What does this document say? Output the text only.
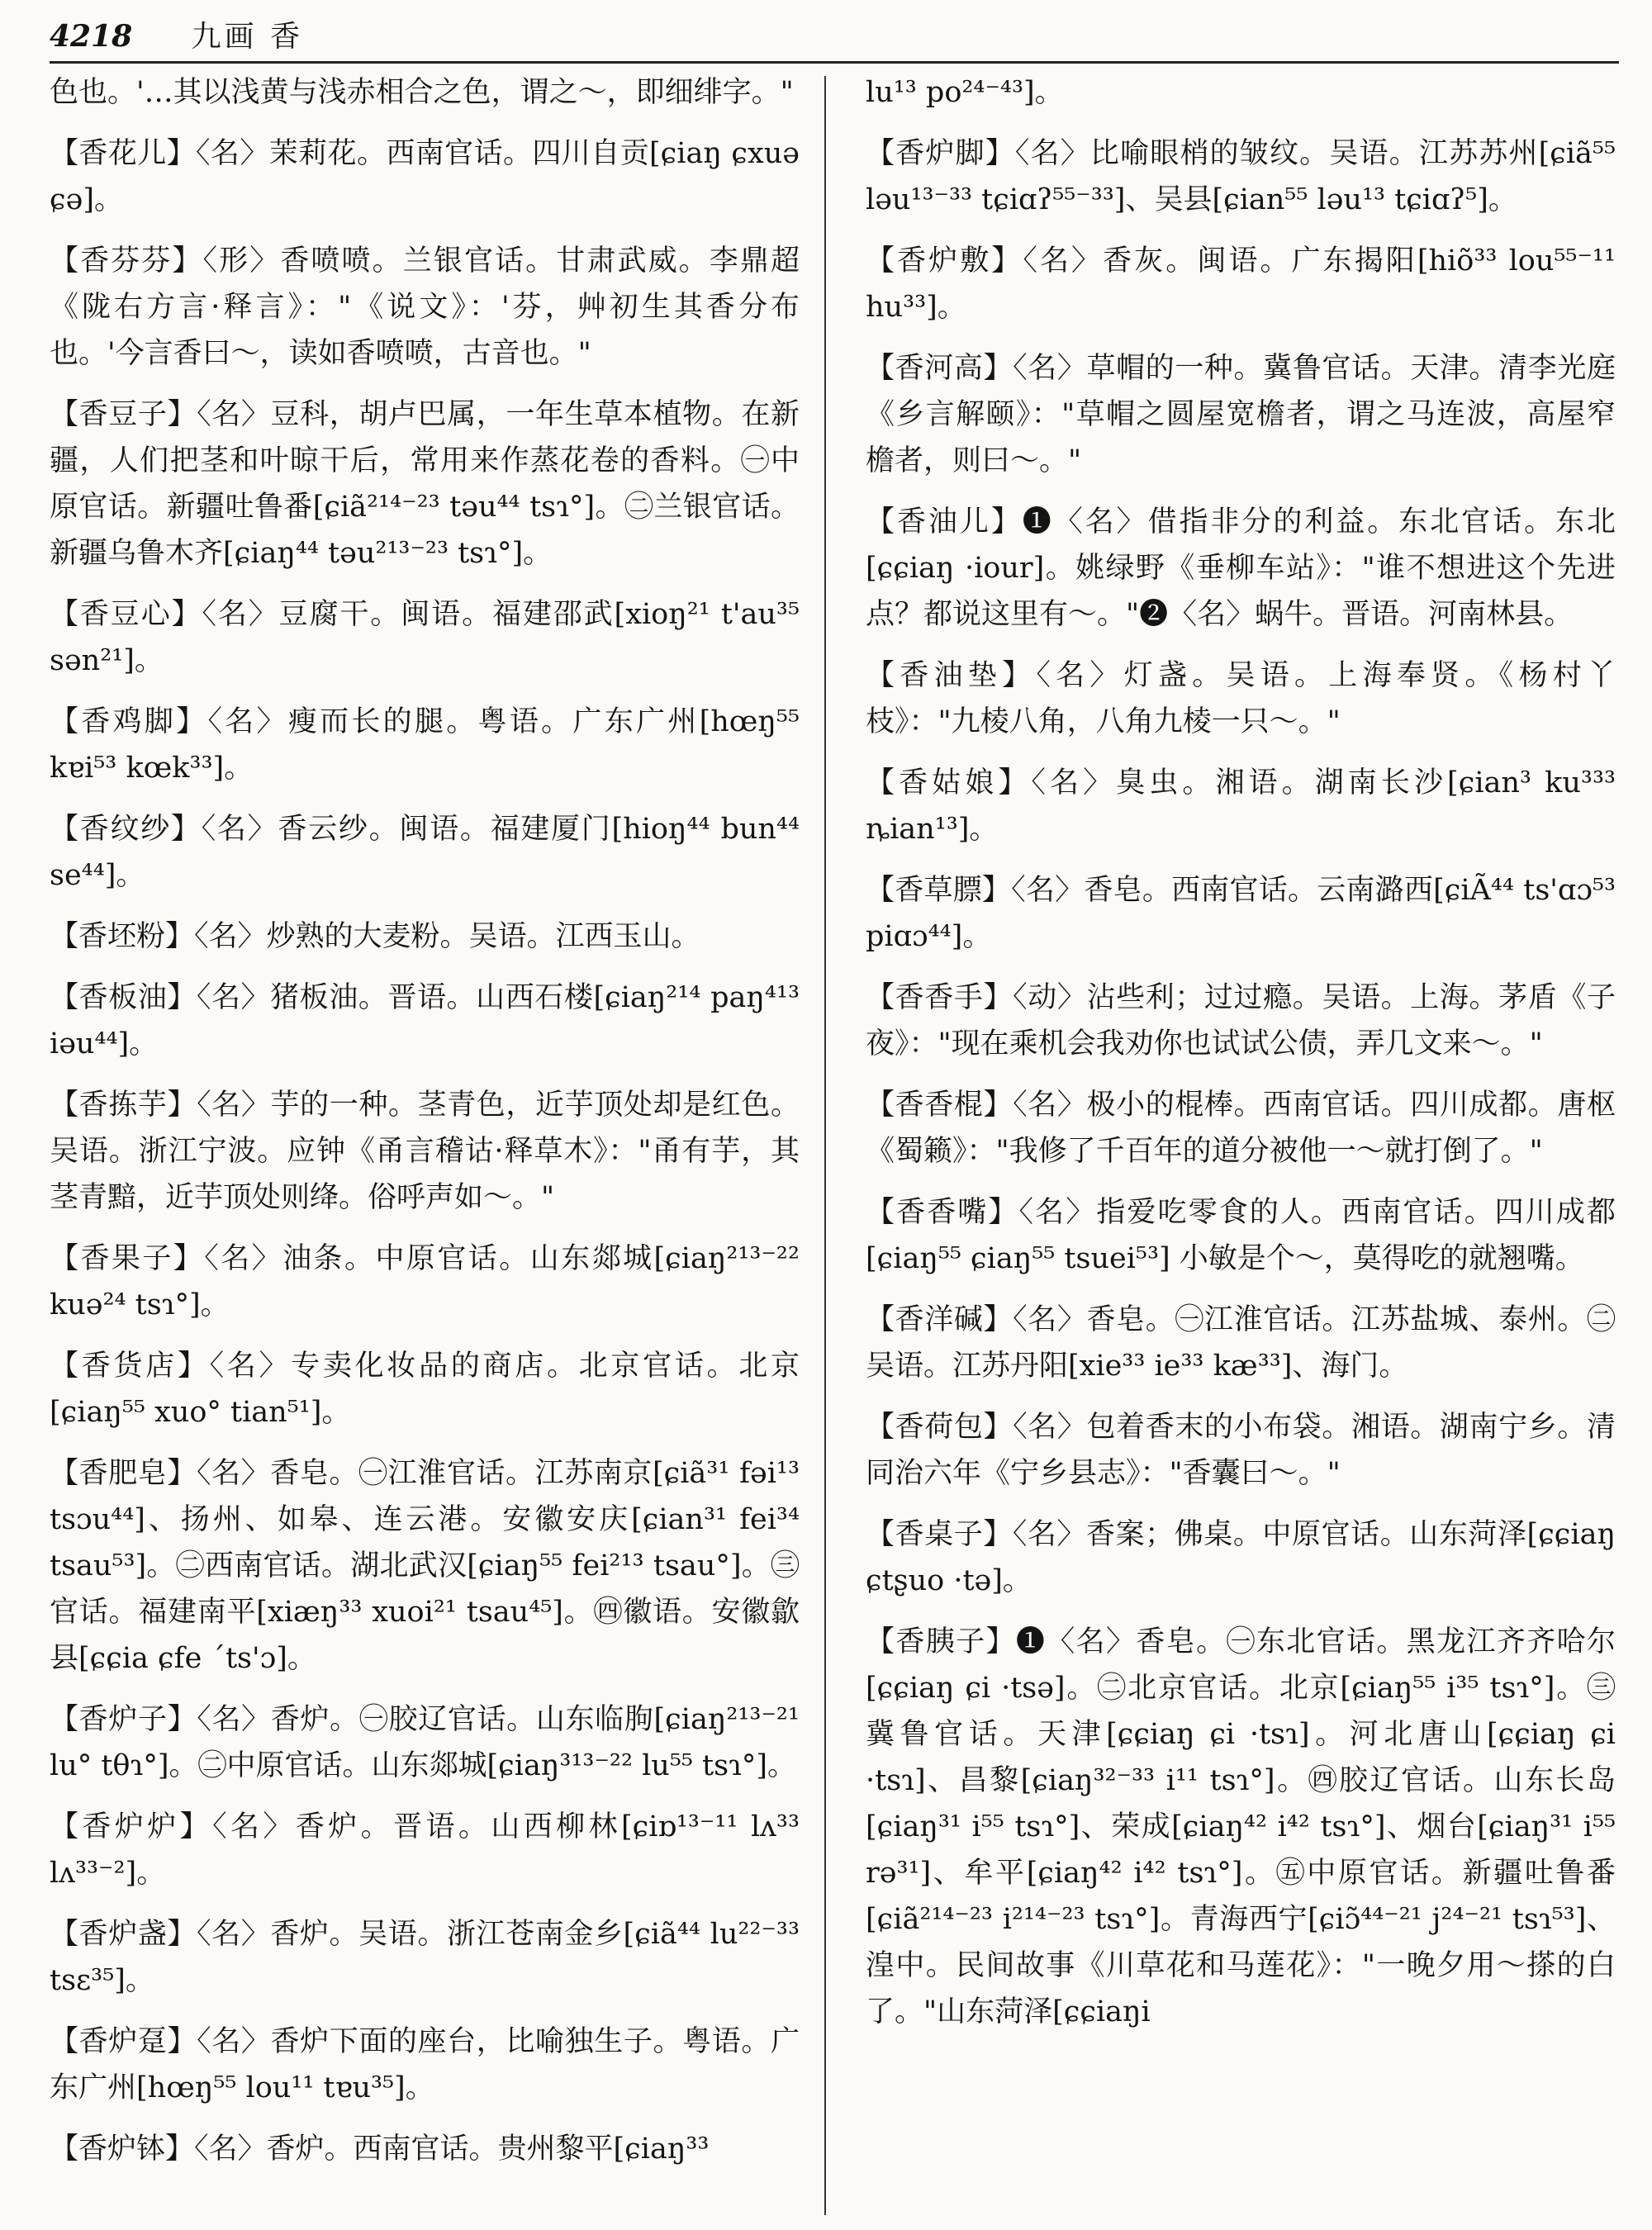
4218 九画 香

色也。'…其以浅黄与浅赤相合之色，谓之～，即细绯字。"

【香花儿】〈名〉茉莉花。西南官话。四川自贡[ɕiaŋ ɕxuə ɕə]。

【香芬芬】〈形〉香喷喷。兰银官话。甘肃武威。李鼎超《陇右方言·释言》："《说文》：'芬，艸初生其香分布也。'今言香曰～，读如香喷喷，古音也。"

【香豆子】〈名〉豆科，胡卢巴属，一年生草本植物。在新疆，人们把茎和叶晾干后，常用来作蒸花卷的香料。㊀中原官话。新疆吐鲁番[ɕiã²¹⁴⁻²³ təu⁴⁴ tsɿ°]。㊁兰银官话。新疆乌鲁木齐[ɕiaŋ⁴⁴ təu²¹³⁻²³ tsɿ°]。

【香豆心】〈名〉豆腐干。闽语。福建邵武[xioŋ²¹ t'au³⁵ sən²¹]。

【香鸡脚】〈名〉瘦而长的腿。粤语。广东广州[hœŋ⁵⁵ kɐi⁵³ kœk³³]。

【香纹纱】〈名〉香云纱。闽语。福建厦门[hioŋ⁴⁴ bun⁴⁴ se⁴⁴]。

【香坯粉】〈名〉炒熟的大麦粉。吴语。江西玉山。

【香板油】〈名〉猪板油。晋语。山西石楼[ɕiaŋ²¹⁴ paŋ⁴¹³ iəu⁴⁴]。

【香拣芋】〈名〉芋的一种。茎青色，近芋顶处却是红色。吴语。浙江宁波。应钟《甬言稽诂·释草木》："甬有芋，其茎青黯，近芋顶处则绛。俗呼声如～。"

【香果子】〈名〉油条。中原官话。山东郯城[ɕiaŋ²¹³⁻²² kuə²⁴ tsɿ°]。

【香货店】〈名〉专卖化妆品的商店。北京官话。北京[ɕiaŋ⁵⁵ xuo° tian⁵¹]。

【香肥皂】〈名〉香皂。㊀江淮官话。江苏南京[ɕiã³¹ fəi¹³ tsɔu⁴⁴]、扬州、如皋、连云港。安徽安庆[ɕian³¹ fei³⁴ tsau⁵³]。㊁西南官话。湖北武汉[ɕiaŋ⁵⁵ fei²¹³ tsau°]。㊂官话。福建南平[xiæŋ³³ xuoi²¹ tsau⁴⁵]。㊃徽语。安徽歙县[ɕɕia ɕfe ˊts'ɔ]。

【香炉子】〈名〉香炉。㊀胶辽官话。山东临朐[ɕiaŋ²¹³⁻²¹ lu° tθɿ°]。㊁中原官话。山东郯城[ɕiaŋ³¹³⁻²² lu⁵⁵ tsɿ°]。

【香炉炉】〈名〉香炉。晋语。山西柳林[ɕiɒ¹³⁻¹¹ lʌ³³ lʌ³³⁻²]。

【香炉盏】〈名〉香炉。吴语。浙江苍南金乡[ɕiã⁴⁴ lu²²⁻³³ tsɛ³⁵]。

【香炉趸】〈名〉香炉下面的座台，比喻独生子。粤语。广东广州[hœŋ⁵⁵ lou¹¹ tɐu³⁵]。

【香炉钵】〈名〉香炉。西南官话。贵州黎平[ɕiaŋ³³

lu¹³ po²⁴⁻⁴³]。

【香炉脚】〈名〉比喻眼梢的皱纹。吴语。江苏苏州[ɕiã⁵⁵ ləu¹³⁻³³ tɕiɑʔ⁵⁵⁻³³]、吴县[ɕian⁵⁵ ləu¹³ tɕiɑʔ⁵]。

【香炉敷】〈名〉香灰。闽语。广东揭阳[hiõ³³ lou⁵⁵⁻¹¹ hu³³]。

【香河高】〈名〉草帽的一种。冀鲁官话。天津。清李光庭《乡言解颐》："草帽之圆屋宽檐者，谓之马连波，高屋窄檐者，则曰～。"

【香油儿】❶〈名〉借指非分的利益。东北官话。东北[ɕɕiaŋ ·iour]。姚绿野《垂柳车站》："谁不想进这个先进点？都说这里有～。"❷〈名〉蜗牛。晋语。河南林县。

【香油垫】〈名〉灯盏。吴语。上海奉贤。《杨村丫枝》："九棱八角，八角九棱一只～。"

【香姑娘】〈名〉臭虫。湘语。湖南长沙[ɕian³ ku³³³ ȵian¹³]。

【香草膘】〈名〉香皂。西南官话。云南潞西[ɕiÃ⁴⁴ ts'ɑɔ⁵³ piɑɔ⁴⁴]。

【香香手】〈动〉沾些利；过过瘾。吴语。上海。茅盾《子夜》："现在乘机会我劝你也试试公债，弄几文来～。"

【香香棍】〈名〉极小的棍棒。西南官话。四川成都。唐枢《蜀籁》："我修了千百年的道分被他一～就打倒了。"

【香香嘴】〈名〉指爱吃零食的人。西南官话。四川成都[ɕiaŋ⁵⁵ ɕiaŋ⁵⁵ tsuei⁵³] 小敏是个～，莫得吃的就翘嘴。

【香洋碱】〈名〉香皂。㊀江淮官话。江苏盐城、泰州。㊁吴语。江苏丹阳[xie³³ ie³³ kæ³³]、海门。

【香荷包】〈名〉包着香末的小布袋。湘语。湖南宁乡。清同治六年《宁乡县志》："香囊曰～。"

【香桌子】〈名〉香案；佛桌。中原官话。山东菏泽[ɕɕiaŋ ɕtʂuo ·tə]。

【香胰子】❶〈名〉香皂。㊀东北官话。黑龙江齐齐哈尔[ɕɕiaŋ ɕi ·tsə]。㊁北京官话。北京[ɕiaŋ⁵⁵ i³⁵ tsɿ°]。㊂冀鲁官话。天津[ɕɕiaŋ ɕi ·tsɿ]。河北唐山[ɕɕiaŋ ɕi ·tsɿ]、昌黎[ɕiaŋ³²⁻³³ i¹¹ tsɿ°]。㊃胶辽官话。山东长岛[ɕiaŋ³¹ i⁵⁵ tsɿ°]、荣成[ɕiaŋ⁴² i⁴² tsɿ°]、烟台[ɕiaŋ³¹ i⁵⁵ rə³¹]、牟平[ɕiaŋ⁴² i⁴² tsɿ°]。㊄中原官话。新疆吐鲁番[ɕiã²¹⁴⁻²³ i²¹⁴⁻²³ tsɿ°]。青海西宁[ɕiɔ̃⁴⁴⁻²¹ j²⁴⁻²¹ tsɿ⁵³]、湟中。民间故事《川草花和马莲花》："一晚夕用～搽的白了。"山东菏泽[ɕɕiaŋi
